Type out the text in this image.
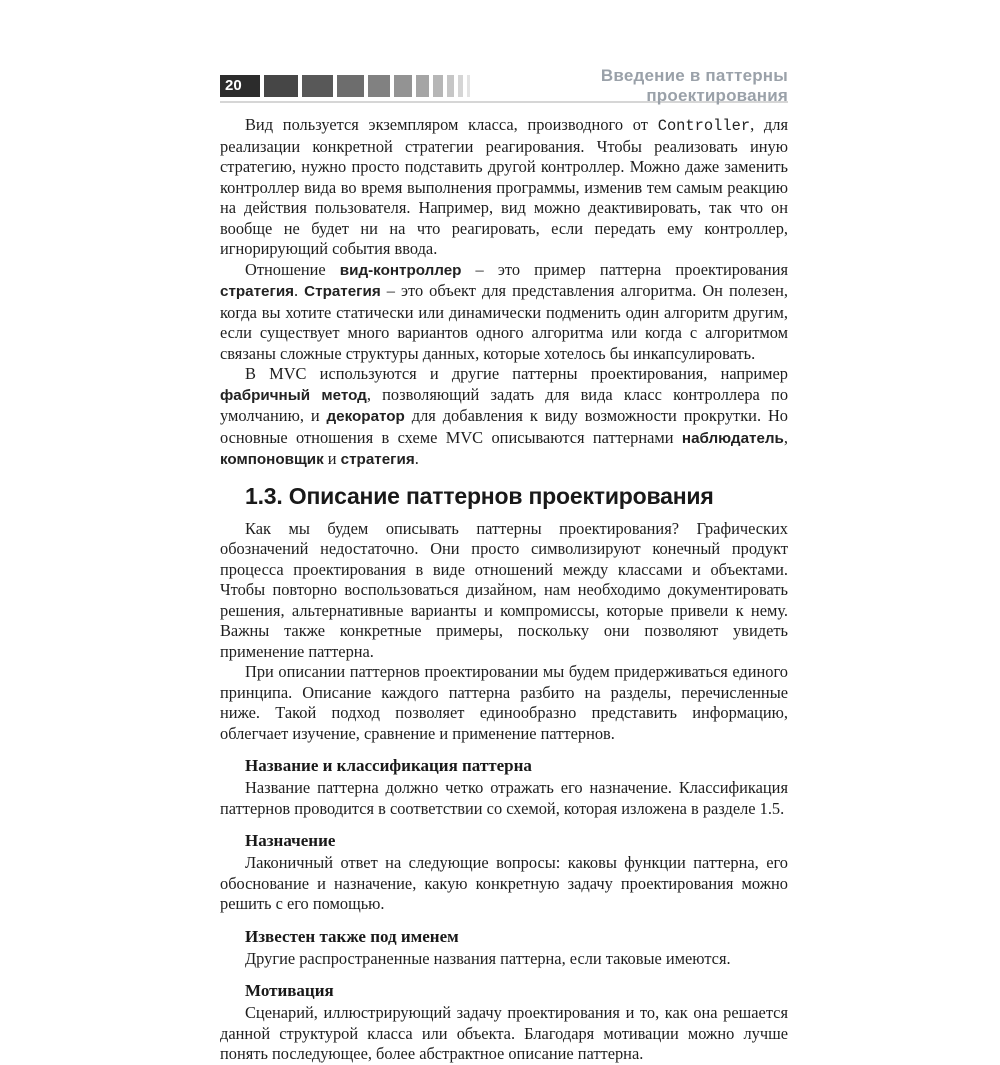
20
Введение в паттерны проектирования

Вид пользуется экземпляром класса, производного от Controller, для реализации конкретной стратегии реагирования. Чтобы реализовать иную стратегию, нужно просто подставить другой контроллер. Можно даже заменить контроллер вида во время выполнения программы, изменив тем самым реакцию на действия пользователя. Например, вид можно деактивировать, так что он вообще не будет ни на что реагировать, если передать ему контроллер, игнорирующий события ввода.

Отношение вид-контроллер – это пример паттерна проектирования стратегия. Стратегия – это объект для представления алгоритма. Он полезен, когда вы хотите статически или динамически подменить один алгоритм другим, если существует много вариантов одного алгоритма или когда с алгоритмом связаны сложные структуры данных, которые хотелось бы инкапсулировать.

В MVC используются и другие паттерны проектирования, например фабричный метод, позволяющий задать для вида класс контроллера по умолчанию, и декоратор для добавления к виду возможности прокрутки. Но основные отношения в схеме MVC описываются паттернами наблюдатель, компоновщик и стратегия.

1.3. Описание паттернов проектирования

Как мы будем описывать паттерны проектирования? Графических обозначений недостаточно. Они просто символизируют конечный продукт процесса проектирования в виде отношений между классами и объектами. Чтобы повторно воспользоваться дизайном, нам необходимо документировать решения, альтернативные варианты и компромиссы, которые привели к нему. Важны также конкретные примеры, поскольку они позволяют увидеть применение паттерна.

При описании паттернов проектировании мы будем придерживаться единого принципа. Описание каждого паттерна разбито на разделы, перечисленные ниже. Такой подход позволяет единообразно представить информацию, облегчает изучение, сравнение и применение паттернов.

Название и классификация паттерна

Название паттерна должно четко отражать его назначение. Классификация паттернов проводится в соответствии со схемой, которая изложена в разделе 1.5.

Назначение

Лаконичный ответ на следующие вопросы: каковы функции паттерна, его обоснование и назначение, какую конкретную задачу проектирования можно решить с его помощью.

Известен также под именем

Другие распространенные названия паттерна, если таковые имеются.

Мотивация

Сценарий, иллюстрирующий задачу проектирования и то, как она решается данной структурой класса или объекта. Благодаря мотивации можно лучше понять последующее, более абстрактное описание паттерна.
